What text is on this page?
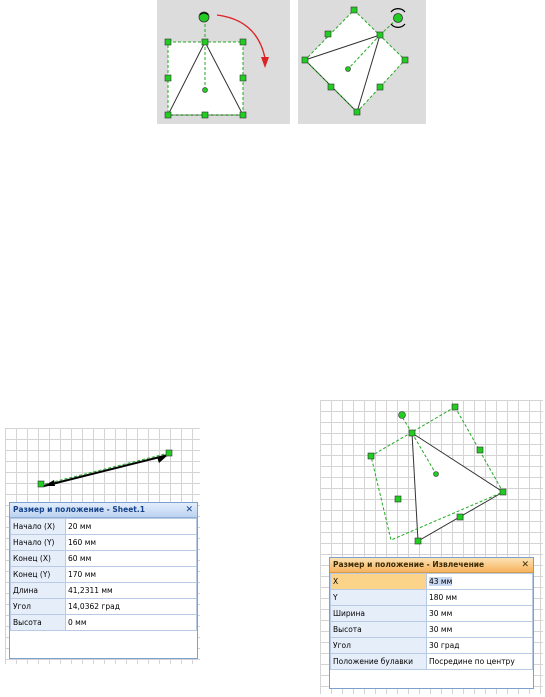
Размер и положение - Sheet.1	✕
Начало (X)	20 мм
Начало (Y)	160 мм
Конец (X)	60 мм
Конец (Y)	170 мм
Длина	41,2311 мм
Угол	14,0362 град
Высота	0 мм
Размер и положение - Извлечение	✕
X	43 мм
Y	180 мм
Ширина	30 мм
Высота	30 мм
Угол	30 град
Положение булавки	Посредине по центру
